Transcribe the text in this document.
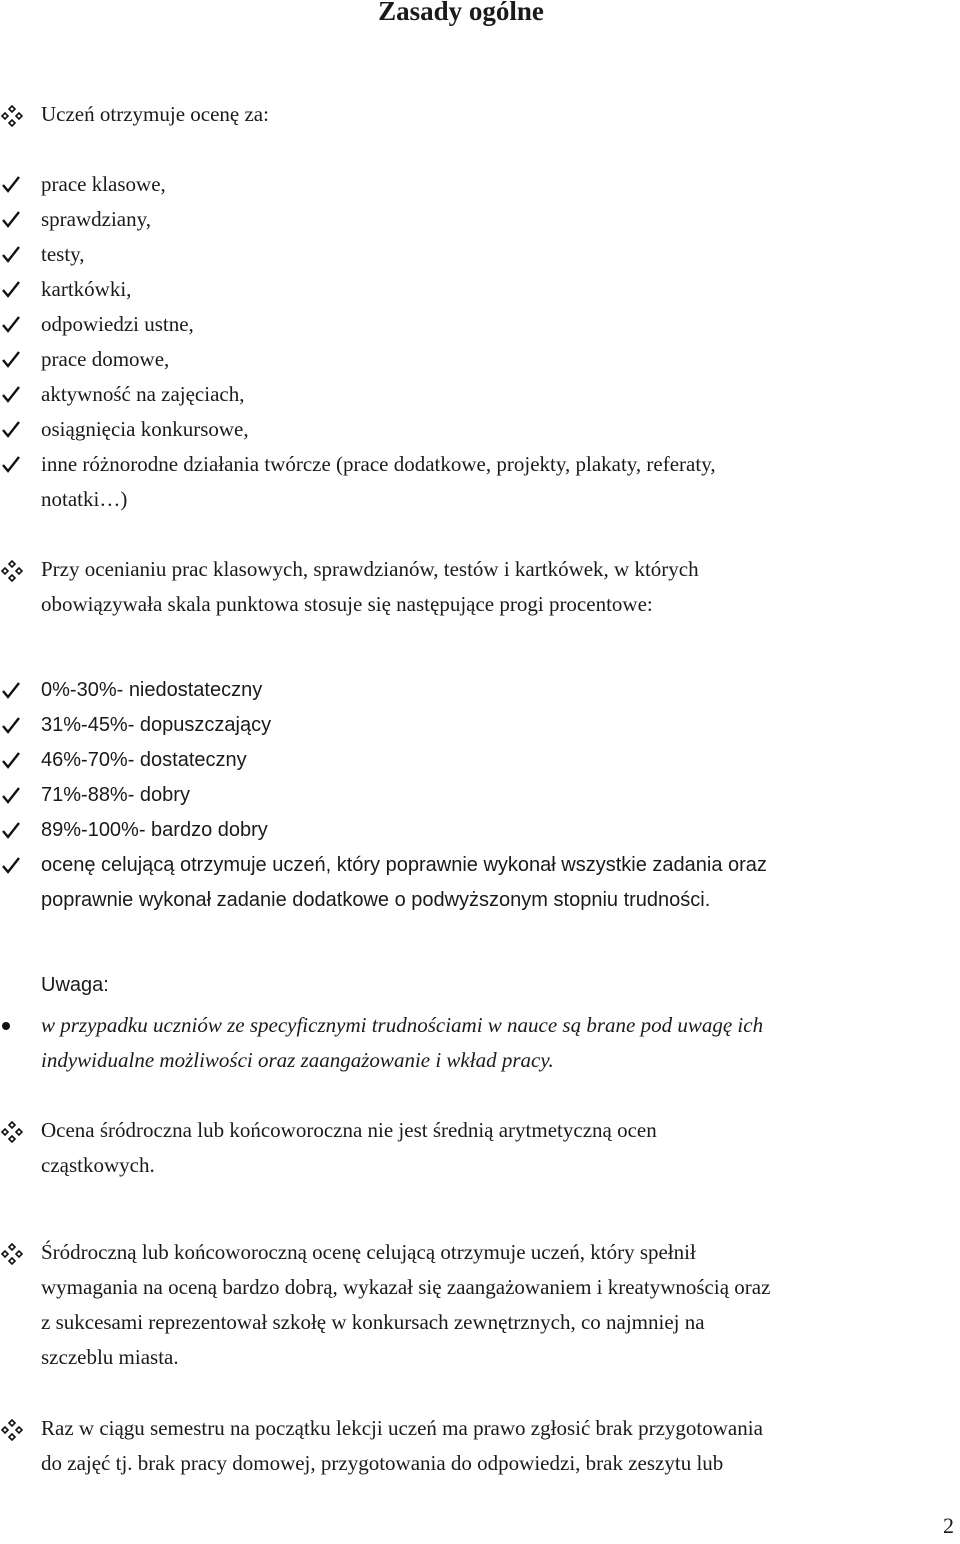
Zasady ogólne
Uczeń otrzymuje ocenę za:
prace klasowe,
sprawdziany,
testy,
kartkówki,
odpowiedzi ustne,
prace domowe,
aktywność na zajęciach,
osiągnięcia konkursowe,
inne różnorodne działania twórcze (prace dodatkowe, projekty, plakaty, referaty,
notatki…)
Przy ocenianiu prac klasowych, sprawdzianów, testów i kartkówek, w których
obowiązywała skala punktowa stosuje się następujące progi procentowe:
0%-30%- niedostateczny
31%-45%- dopuszczający
46%-70%- dostateczny
71%-88%- dobry
89%-100%- bardzo dobry
ocenę celującą otrzymuje uczeń, który poprawnie wykonał wszystkie zadania oraz
poprawnie wykonał zadanie dodatkowe o podwyższonym stopniu trudności.
Uwaga:
w przypadku uczniów ze specyficznymi trudnościami w nauce są brane pod uwagę ich
indywidualne możliwości oraz zaangażowanie i wkład pracy.
Ocena śródroczna lub końcoworoczna nie jest średnią arytmetyczną ocen
cząstkowych.
Śródroczną lub końcoworoczną ocenę celującą otrzymuje uczeń, który spełnił
wymagania na oceną bardzo dobrą, wykazał się zaangażowaniem i kreatywnością oraz
z sukcesami reprezentował szkołę w konkursach zewnętrznych, co najmniej na
szczeblu miasta.
Raz w ciągu semestru na początku lekcji uczeń ma prawo zgłosić brak przygotowania
do zajęć tj. brak pracy domowej, przygotowania do odpowiedzi, brak zeszytu lub
2
